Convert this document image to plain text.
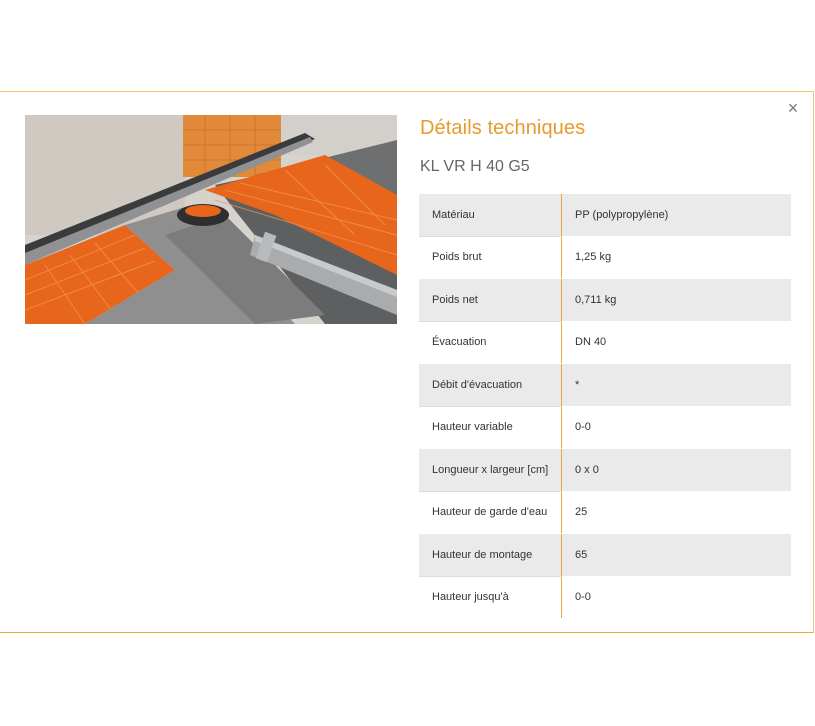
×
Détails techniques
KL VR H 40 G5
Matériau	PP (polypropylène)
Poids brut	1,25 kg
Poids net	0,711 kg
Évacuation	DN 40
Débit d'évacuation	*
Hauteur variable	0-0
Longueur x largeur [cm]	0 x 0
Hauteur de garde d'eau	25
Hauteur de montage	65
Hauteur jusqu'à	0-0
